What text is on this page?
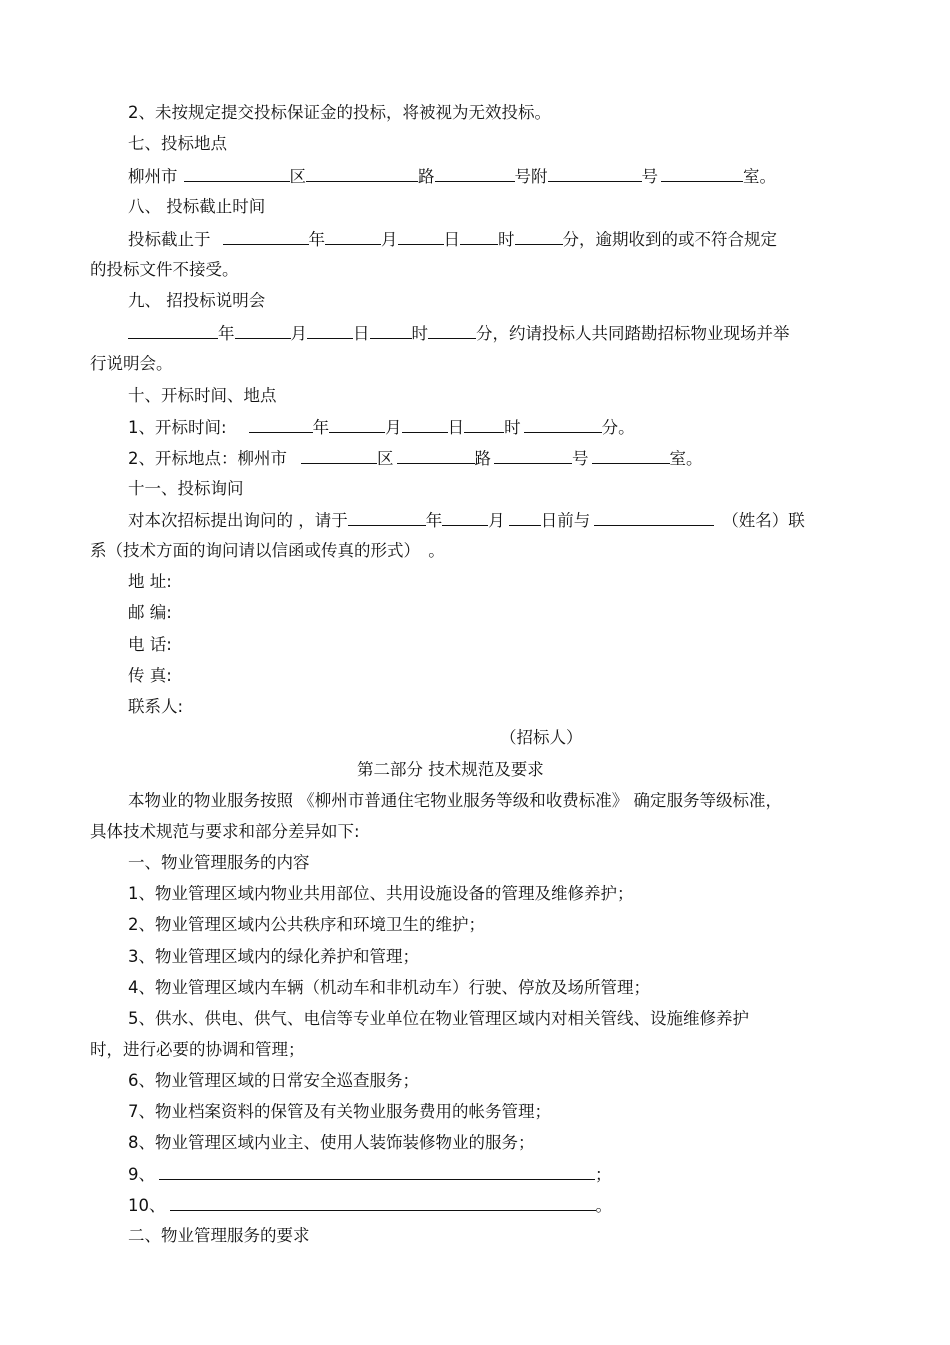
2、未按规定提交投标保证金的投标，将被视为无效投标。
七、投标地点
柳州市	区	路	号附	号	室。
八、 投标截止时间
投标截止于	年	月	日 时	分，逾期收到的或不符合规定
的投标文件不接受。
九、 招投标说明会
年	月	日	时	分，约请投标人共同踏勘招标物业现场并举
行说明会。
十、开标时间、地点
1、开标时间:	年	月	日 时	分。
2、开标地点：柳州市	区	路	号	室。
十一、投标询问
对本次招标提出询问的 ，请于	年	月 日前与	（姓名）联
系（技术方面的询问请以信函或传真的形式）　。
地 址:
邮 编:
电 话:
传 真:
联系人:
（招标人）
第二部分 技术规范及要求
本物业的物业服务按照 《柳州市普通住宅物业服务等级和收费标准》 确定服务等级标准，
具体技术规范与要求和部分差异如下:
一、物业管理服务的内容
1、物业管理区域内物业共用部位、共用设施设备的管理及维修养护；
2、物业管理区域内公共秩序和环境卫生的维护；
3、物业管理区域内的绿化养护和管理；
4、物业管理区域内车辆（机动车和非机动车）行驶、停放及场所管理；
5、供水、供电、供气、电信等专业单位在物业管理区域内对相关管线、设施维修养护
时，进行必要的协调和管理；
6、物业管理区域的日常安全巡查服务；
7、物业档案资料的保管及有关物业服务费用的帐务管理；
8、物业管理区域内业主、使用人装饰装修物业的服务；
9、	；
10、	。
二、物业管理服务的要求
